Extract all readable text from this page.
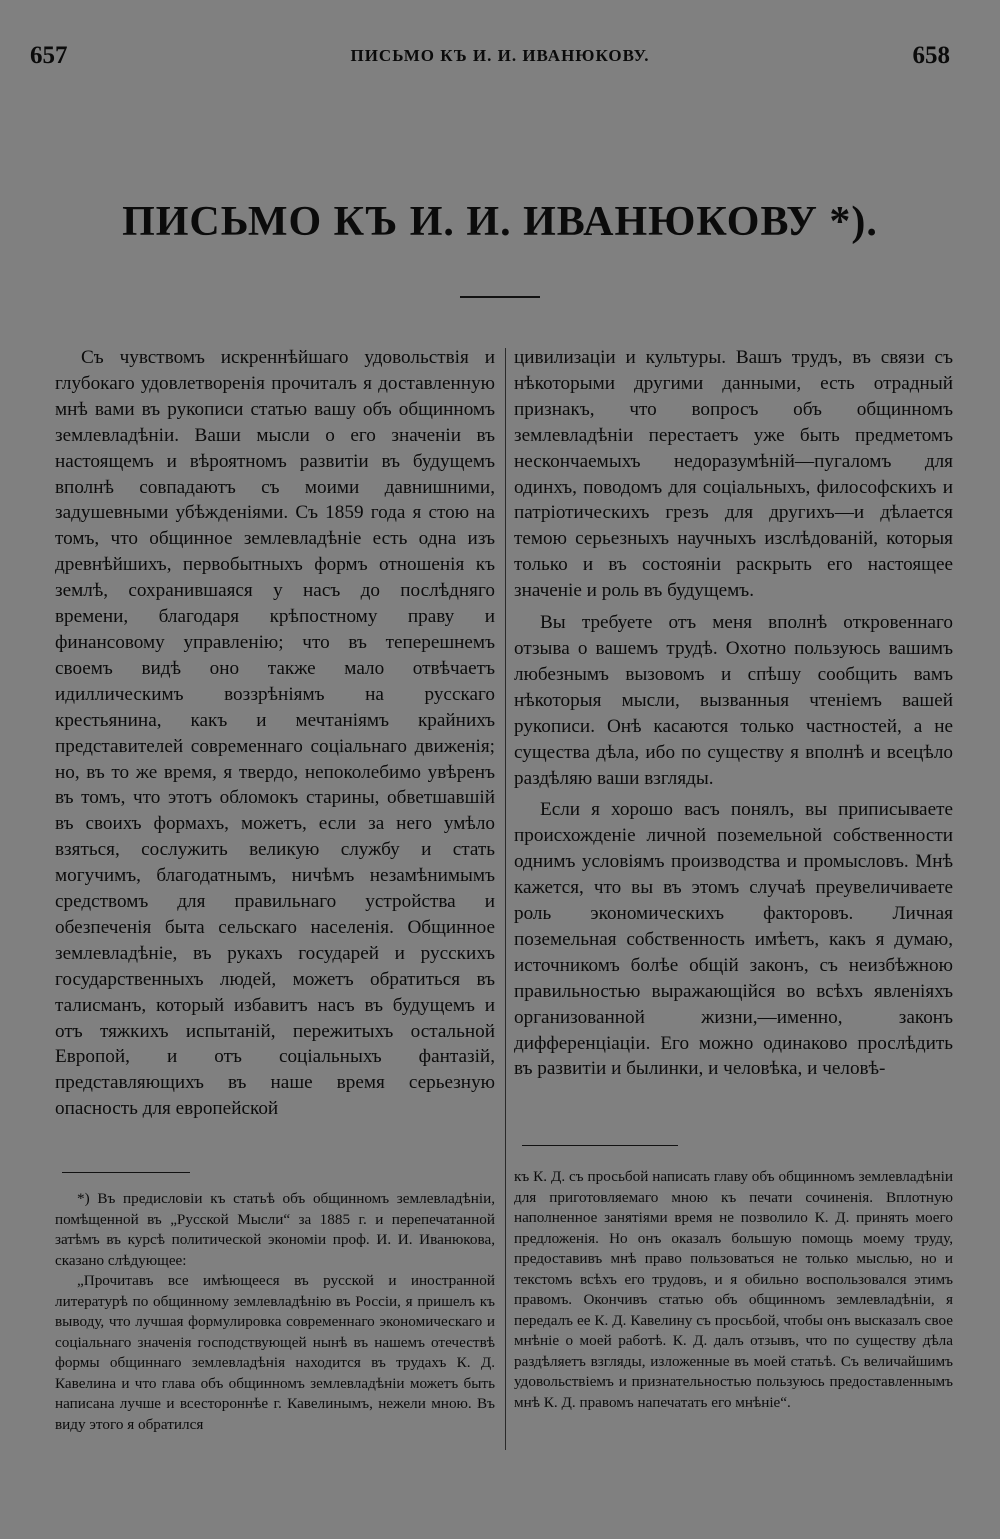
657	ПИСЬМО КЪ И. И. ИВАНЮКОВУ.	658
ПИСЬМО КЪ И. И. ИВАНЮКОВУ *).

Съ чувствомъ искреннѣйшаго удовольствія и глубокаго удовлетворенія прочиталъ я доставленную мнѣ вами въ рукописи статью вашу объ общинномъ землевладѣніи. Ваши мысли о его значеніи въ настоящемъ и вѣроятномъ развитіи въ будущемъ вполнѣ совпадаютъ съ моими давнишними, задушевными убѣжденіями. Съ 1859 года я стою на томъ, что общинное землевладѣніе есть одна изъ древнѣйшихъ, первобытныхъ формъ отношенія къ землѣ, сохранившаяся у насъ до послѣдняго времени, благодаря крѣпостному праву и финансовому управленію; что въ теперешнемъ своемъ видѣ оно также мало отвѣчаетъ идиллическимъ воззрѣніямъ на русскаго крестьянина, какъ и мечтаніямъ крайнихъ представителей современнаго соціальнаго движенія; но, въ то же время, я твердо, непоколебимо увѣренъ въ томъ, что этотъ обломокъ старины, обветшавшій въ своихъ формахъ, можетъ, если за него умѣло взяться, сослужить великую службу и стать могучимъ, благодатнымъ, ничѣмъ незамѣнимымъ средствомъ для правильнаго устройства и обезпеченія быта сельскаго населенія. Общинное землевладѣніе, въ рукахъ государей и русскихъ государственныхъ людей, можетъ обратиться въ талисманъ, который избавитъ насъ въ будущемъ и отъ тяжкихъ испытаній, пережитыхъ остальной Европой, и отъ соціальныхъ фантазій, представляющихъ въ наше время серьезную опасность для европейской

цивилизаціи и культуры. Вашъ трудъ, въ связи съ нѣкоторыми другими данными, есть отрадный признакъ, что вопросъ объ общинномъ землевладѣніи перестаетъ уже быть предметомъ нескончаемыхъ недоразумѣній—пугаломъ для одинхъ, поводомъ для соціальныхъ, философскихъ и патріотическихъ грезъ для другихъ—и дѣлается темою серьезныхъ научныхъ изслѣдованій, которыя только и въ состояніи раскрыть его настоящее значеніе и роль въ будущемъ.

Вы требуете отъ меня вполнѣ откровеннаго отзыва о вашемъ трудѣ. Охотно пользуюсь вашимъ любезнымъ вызовомъ и спѣшу сообщить вамъ нѣкоторыя мысли, вызванныя чтеніемъ вашей рукописи. Онѣ касаются только частностей, а не существа дѣла, ибо по существу я вполнѣ и всецѣло раздѣляю ваши взгляды.

Если я хорошо васъ понялъ, вы приписываете происхожденіе личной поземельной собственности однимъ условіямъ производства и промысловъ. Мнѣ кажется, что вы въ этомъ случаѣ преувеличиваете роль экономическихъ факторовъ. Личная поземельная собственность имѣетъ, какъ я думаю, источникомъ болѣе общій законъ, съ неизбѣжною правильностью выражающійся во всѣхъ явленіяхъ организованной жизни,—именно, законъ дифференціаціи. Его можно одинаково прослѣдить въ развитіи и былинки, и человѣка, и человѣ-

*) Въ предисловіи къ статьѣ объ общинномъ землевладѣніи, помѣщенной въ „Русской Мысли“ за 1885 г. и перепечатанной затѣмъ въ курсѣ политической экономіи проф. И. И. Иванюкова, сказано слѣдующее:

„Прочитавъ все имѣющееся въ русской и иностранной литературѣ по общинному землевладѣнію въ Россіи, я пришелъ къ выводу, что лучшая формулировка современнаго экономическаго и соціальнаго значенія господствующей нынѣ въ нашемъ отечествѣ формы общиннаго землевладѣнія находится въ трудахъ К. Д. Кавелина и что глава объ общинномъ землевладѣніи можетъ быть написана лучше и всестороннѣе г. Кавелинымъ, нежели мною. Въ виду этого я обратился

къ К. Д. съ просьбой написать главу объ общинномъ землевладѣніи для приготовляемаго мною къ печати сочиненія. Вплотную наполненное занятіями время не позволило К. Д. принять моего предложенія. Но онъ оказалъ большую помощь моему труду, предоставивъ мнѣ право пользоваться не только мыслью, но и текстомъ всѣхъ его трудовъ, и я обильно воспользовался этимъ правомъ. Окончивъ статью объ общинномъ землевладѣніи, я передалъ ее К. Д. Кавелину съ просьбой, чтобы онъ высказалъ свое мнѣніе о моей работѣ. К. Д. далъ отзывъ, что по существу дѣла раздѣляетъ взгляды, изложенные въ моей статьѣ. Съ величайшимъ удовольствіемъ и признательностью пользуюсь предоставленнымъ мнѣ К. Д. правомъ напечатать его мнѣніе“.
